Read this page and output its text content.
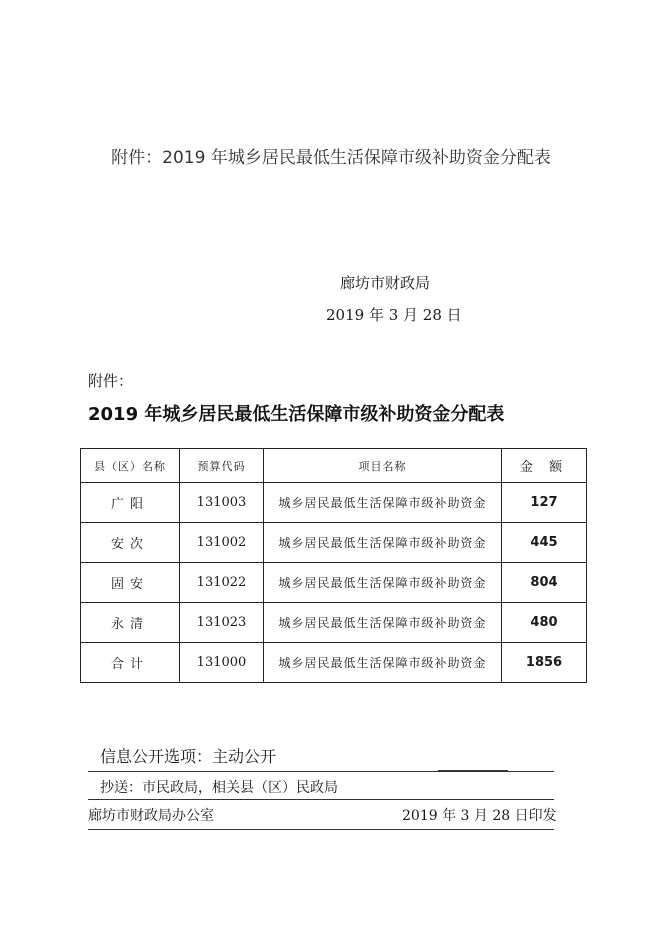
附件：2019 年城乡居民最低生活保障市级补助资金分配表
廊坊市财政局
2019 年 3 月 28 日
附件：
2019 年城乡居民最低生活保障市级补助资金分配表
县（区）名称	预算代码	项目名称	金 额
广阳	131003	城乡居民最低生活保障市级补助资金	127
安次	131002	城乡居民最低生活保障市级补助资金	445
固安	131022	城乡居民最低生活保障市级补助资金	804
永清	131023	城乡居民最低生活保障市级补助资金	480
合计	131000	城乡居民最低生活保障市级补助资金	1856
信息公开选项：主动公开
抄送：市民政局，相关县（区）民政局
廊坊市财政局办公室	2019 年 3 月 28 日印发
